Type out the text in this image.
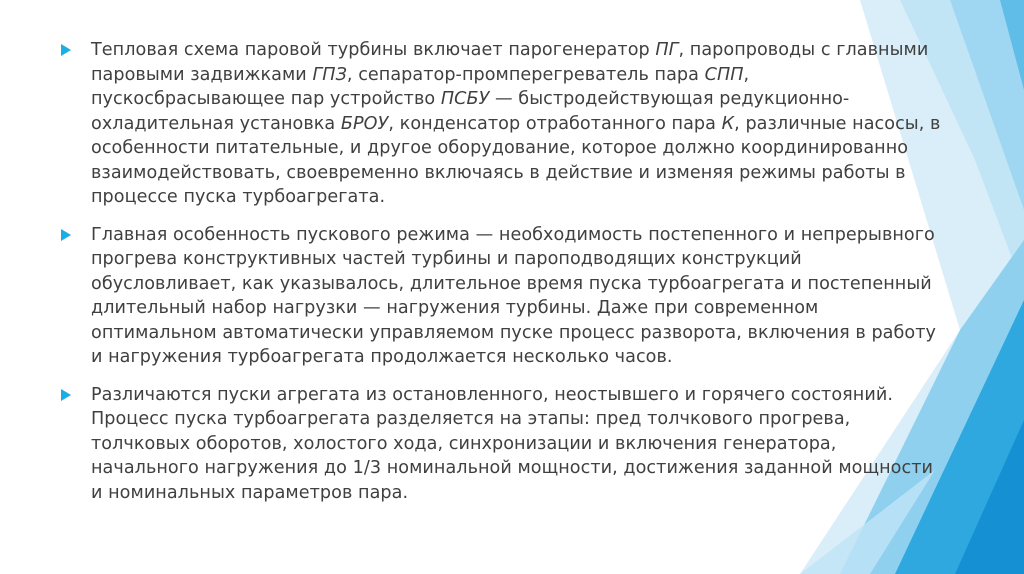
Тепловая схема паровой турбины включает парогенератор ПГ, паропроводы с главными паровыми задвижками ГПЗ, сепаратор-промперегреватель пара СПП, пускосбрасывающее пар устройство ПСБУ — быстродействующая редукционно-охладительная установка БРОУ, конденсатор отработанного пара К, различные насосы, в особенности питательные, и другое оборудование, которое должно координированно взаимодействовать, своевременно включаясь в действие и изменяя режимы работы в процессе пуска турбоагрегата.
Главная особенность пускового режима — необходимость постепенного и непрерывного прогрева конструктивных частей турбины и пароподводящих конструкций обусловливает, как указывалось, длительное время пуска турбоагрегата и постепенный длительный набор нагрузки — нагружения турбины. Даже при современном оптимальном автоматически управляемом пуске процесс разворота, включения в работу и нагружения турбоагрегата продолжается несколько часов.
Различаются пуски агрегата из остановленного, неостывшего и горячего состояний. Процесс пуска турбоагрегата разделяется на этапы: пред толчкового прогрева, толчковых оборотов, холостого хода, синхронизации и включения генератора, начального нагружения до 1/3 номинальной мощности, достижения заданной мощности и номинальных параметров пара.
